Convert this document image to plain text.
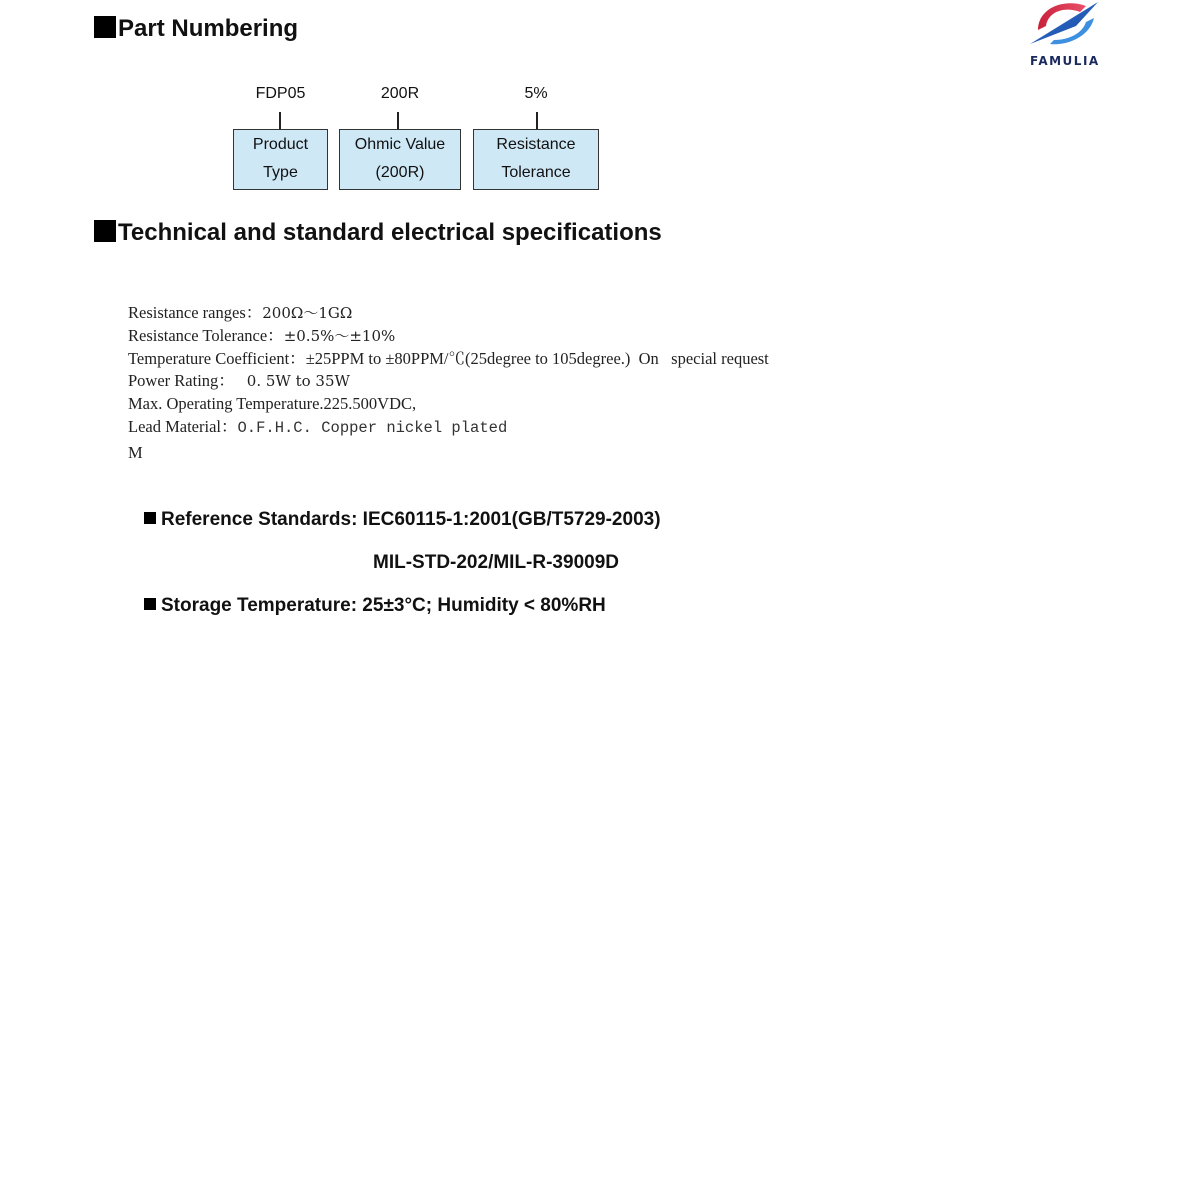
FAMULIA
Part Numbering
FDP05
Product
Type
200R
Ohmic Value
(200R)
5%
Resistance
Tolerance
Technical and standard electrical specifications
Resistance ranges：200Ω～1GΩ
Resistance Tolerance：±0.5%～±10%
Temperature Coefficient：±25PPM to ±80PPM/℃(25degree to 105degree.)  On   special request
Power Rating： 0. 5W to 35W
Max. Operating Temperature.225.500VDC,
Lead Material：O.F.H.C. Copper nickel plated
M
Reference Standards: IEC60115-1:2001(GB/T5729-2003)
MIL-STD-202/MIL-R-39009D
Storage Temperature: 25±3°C; Humidity < 80%RH
